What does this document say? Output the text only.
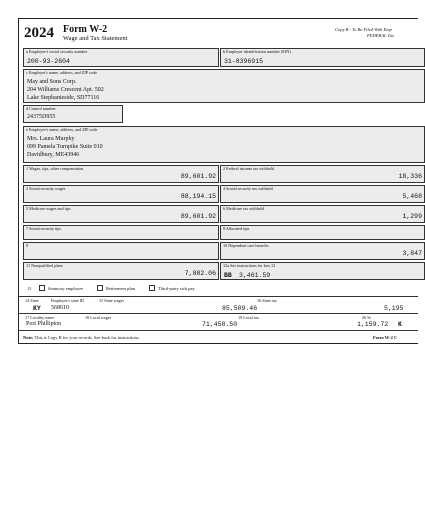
2024 Form W-2
Wage and Tax Statement
Copy B - To Be Filed With Emp
FEDERAL Tax
a Employee's social security number
200-93-2604
b Employer identification number (EIN)
31-8396915
c Employer's name, address, and ZIP code
May and Sons Corp.
204 Williams Crescent Apt. 502
Lake Stephanieside, SD77116
d Control number
24375D955
e Employee's name, address, and ZIP code
Mrs. Laura Murphy
099 Pamela Turnpike Suite 010
Davidbury, ME43946
1 Wages, tips, other compensation
89,601.92
2 Federal income tax withheld
18,336
3 Social security wages
88,194.15
4 Social security tax withheld
5,468
5 Medicare wages and tips
89,601.92
6 Medicare tax withheld
1,299
7 Social security tips	8 Allocated tips
9	10 Dependent care benefits
3,847
11 Nonqualified plans
7,882.06
12a See instructions for box 12
BB 3,461.59
13	Statutory employee	Retirement plan	Third-party sick pay
14 State	Employer's state ID	15 State wages	16 State tax
KY 568610	85,509.46	5,195
17 Locality name	18 Local wages	19 Local tax	20 St
Port Phillipton	71,458.50	1,159.72 K
Note: This is Copy B for your records. See back for instructions.	Form W-2 C
